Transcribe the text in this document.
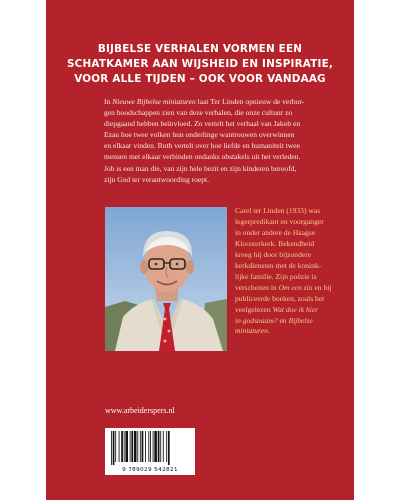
BIJBELSE VERHALEN VORMEN EEN
SCHATKAMER AAN WIJSHEID EN INSPIRATIE,
VOOR ALLE TIJDEN – OOK VOOR VANDAAG
In Nieuwe Bijbelse miniaturen laat Ter Linden opnieuw de verbor-
gen boodschappen zien van deze verhalen, die onze cultuur zo
diepgaand hebben beïnvloed. Zo vertelt het verhaal van Jakob en
Ezau hoe twee volken hun onderlinge wantrouwen overwinnen
en elkaar vinden. Ruth vertelt over hoe liefde en humaniteit twee
mensen met elkaar verbinden ondanks obstakels uit het verleden.
Job is een man die, van zijn hele bezit en zijn kinderen beroofd,
zijn God ter verantwoording roept.
Carel ter Linden (1933) was
legerpredikant en voorganger
in onder andere de Haagse
Kloosterkerk. Bekendheid
kreeg hij door bijzondere
kerkdiensten met de konink-
lijke familie. Zijn poëzie is
verschenen in Om een zin en hij
publiceerde boeken, zoals het
veelgelezen Wat doe ik hier
in godsnaam? en Bijbelse
miniaturen.
www.arbeiderspers.nl
9 789029 542821
